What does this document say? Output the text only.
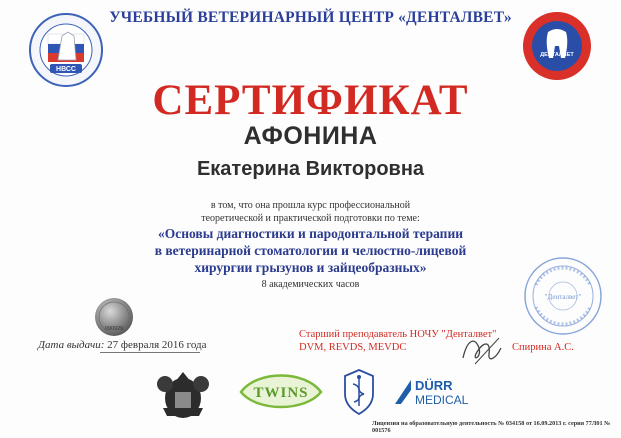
НВСС
ДЕНТАЛВЕТ
УЧЕБНЫЙ ВЕТЕРИНАРНЫЙ ЦЕНТР «ДЕНТАЛВЕТ»
СЕРТИФИКАТ
АФОНИНА
Екатерина Викторовна
в том, что она прошла курс профессиональной
теоретической и практической подготовки по теме:
«Основы диагностики и пародонтальной терапии
в ветеринарной стоматологии и челюстно-лицевой
хирургии грызунов и зайцеобразных»
8 академических часов
"Денталвет"
090929
Дата выдачи: 27 февраля 2016 года
Старший преподаватель НОЧУ "Денталвет"
DVM, REVDS, MEVDC	Спирина А.С.
TWINS	DÜRR
MEDICAL
Лицензия на образовательную деятельность № 034158 от 16.09.2013 г. серия 77Л01 № 001576
